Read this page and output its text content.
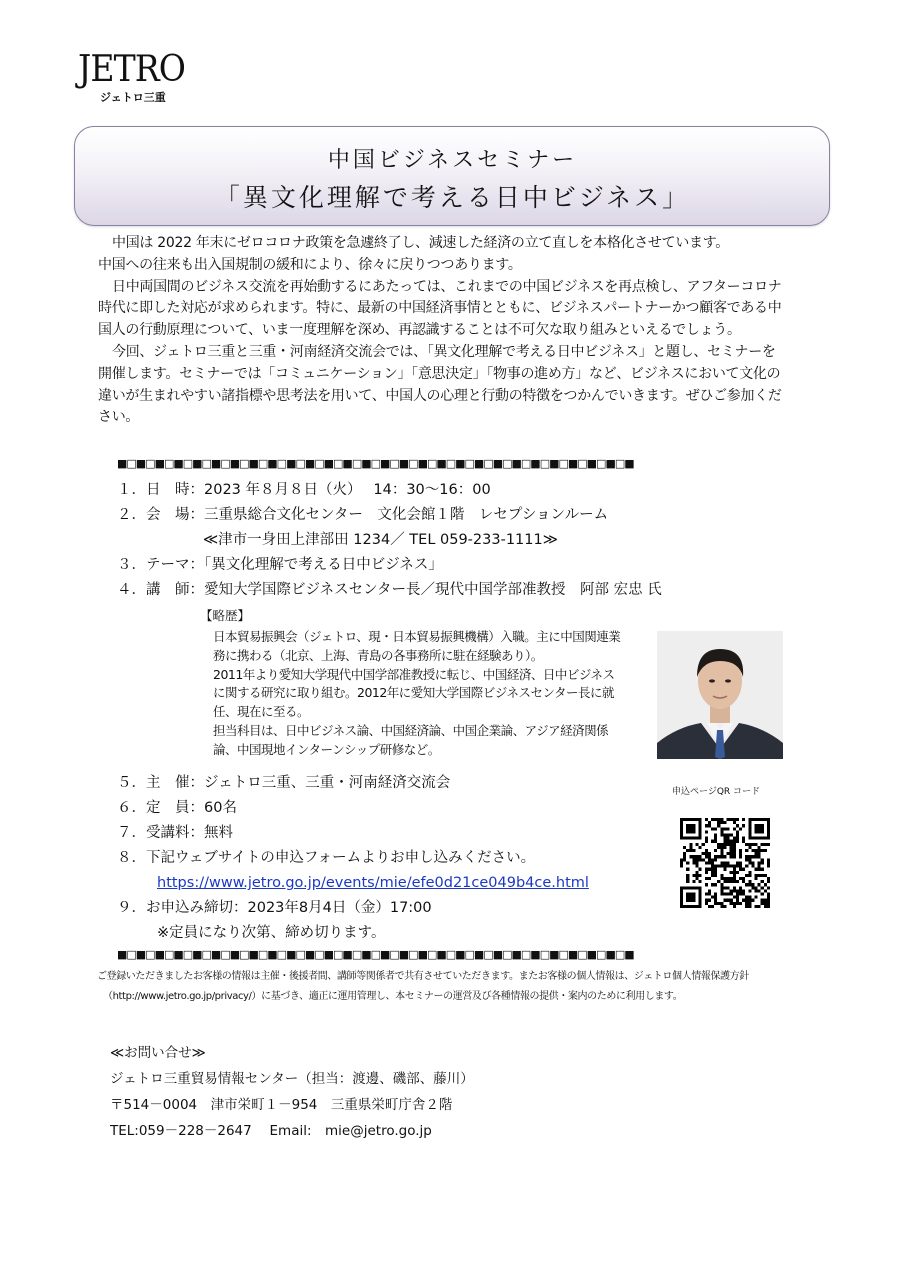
JETRO
ジェトロ三重
中国ビジネスセミナー
「異文化理解で考える日中ビジネス」

中国は 2022 年末にゼロコロナ政策を急遽終了し、減速した経済の立て直しを本格化させています。

中国への往来も出入国規制の緩和により、徐々に戻りつつあります。

日中両国間のビジネス交流を再始動するにあたっては、これまでの中国ビジネスを再点検し、アフターコロナ時代に即した対応が求められます。特に、最新の中国経済事情とともに、ビジネスパートナーかつ顧客である中国人の行動原理について、いま一度理解を深め、再認識することは不可欠な取り組みといえるでしょう。

今回、ジェトロ三重と三重・河南経済交流会では、「異文化理解で考える日中ビジネス」と題し、セミナーを開催します。セミナーでは「コミュニケーション」「意思決定」「物事の進め方」など、ビジネスにおいて文化の違いが生まれやすい諸指標や思考法を用いて、中国人の心理と行動の特徴をつかんでいきます。ぜひご参加ください。

■□■□■□■□■□■□■□■□■□■□■□■□■□■□■□■□■□■□■□■□■□■□■□■□■□■□■□■
１．日　時：2023 年８月８日（火）　 14：30～16：00
２．会　場：三重県総合文化センター　文化会館１階　レセプションルーム
≪津市一身田上津部田 1234／ TEL 059-233-1111≫
３．テーマ：「異文化理解で考える日中ビジネス」
４．講　師：愛知大学国際ビジネスセンター長／現代中国学部准教授　阿部 宏忠 氏
【略歴】

日本貿易振興会（ジェトロ、現・日本貿易振興機構）入職。主に中国関連業務に携わる（北京、上海、青島の各事務所に駐在経験あり）。

2011年より愛知大学現代中国学部准教授に転じ、中国経済、日中ビジネスに関する研究に取り組む。2012年に愛知大学国際ビジネスセンター長に就任、現在に至る。

担当科目は、日中ビジネス論、中国経済論、中国企業論、アジア経済関係論、中国現地インターンシップ研修など。

５．主　催：ジェトロ三重、三重・河南経済交流会
６．定　員：60名
７．受講料：無料
８．下記ウェブサイトの申込フォームよりお申し込みください。
https://www.jetro.go.jp/events/mie/efe0d21ce049b4ce.html
９．お申込み締切：2023年8月4日（金）17:00
※定員になり次第、締め切ります。
申込ページQR コード
■□■□■□■□■□■□■□■□■□■□■□■□■□■□■□■□■□■□■□■□■□■□■□■□■□■□■□■

ご登録いただきましたお客様の情報は主催・後援者間、講師等関係者で共有させていただきます。またお客様の個人情報は、ジェトロ個人情報保護方針

（http://www.jetro.go.jp/privacy/）に基づき、適正に運用管理し、本セミナーの運営及び各種情報の提供・案内のために利用します。

≪お問い合せ≫
ジェトロ三重貿易情報センター（担当：渡邊、磯部、藤川）
〒514－0004　津市栄町１－954　三重県栄町庁舎２階
TEL:059－228－2647　 Email:　mie@jetro.go.jp
